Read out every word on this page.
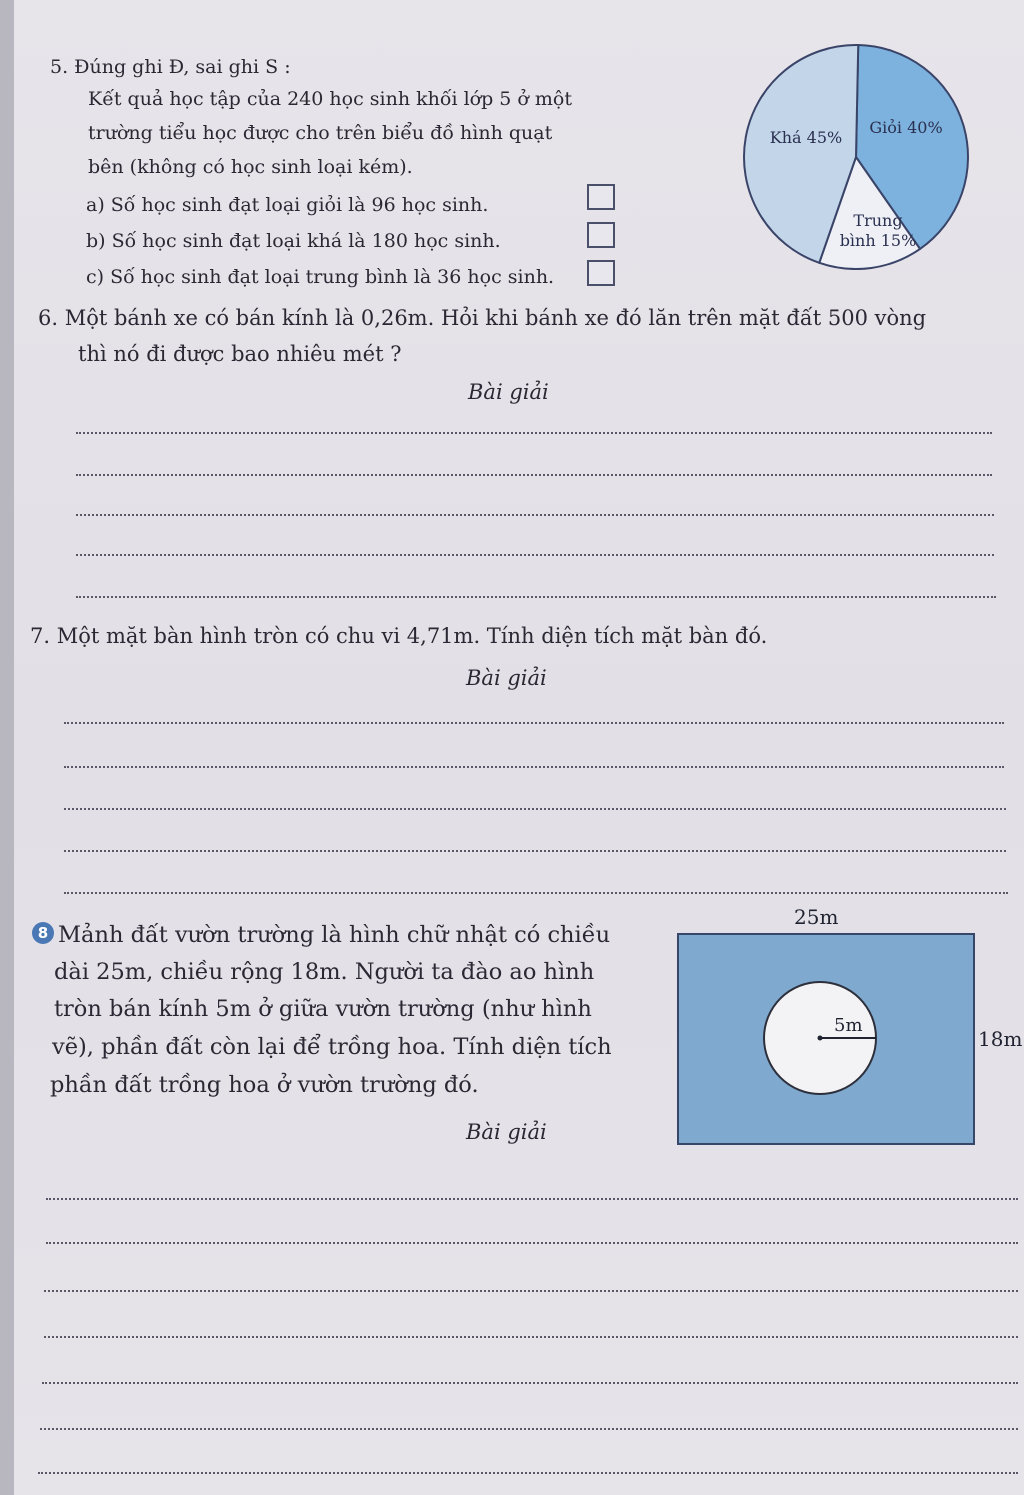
5. Đúng ghi Đ, sai ghi S :
Kết quả học tập của 240 học sinh khối lớp 5 ở một
trường tiểu học được cho trên biểu đồ hình quạt
bên (không có học sinh loại kém).
a) Số học sinh đạt loại giỏi là 96 học sinh.
b) Số học sinh đạt loại khá là 180 học sinh.
c) Số học sinh đạt loại trung bình là 36 học sinh.
Giỏi 40%
Trung
bình 15%
Khá 45%
6. Một bánh xe có bán kính là 0,26m. Hỏi khi bánh xe đó lăn trên mặt đất 500 vòng
thì nó đi được bao nhiêu mét ?
Bài giải
7. Một mặt bàn hình tròn có chu vi 4,71m. Tính diện tích mặt bàn đó.
Bài giải
8 Mảnh đất vườn trường là hình chữ nhật có chiều
dài 25m, chiều rộng 18m. Người ta đào ao hình
tròn bán kính 5m ở giữa vườn trường (như hình
vẽ), phần đất còn lại để trồng hoa. Tính diện tích
phần đất trồng hoa ở vườn trường đó.
Bài giải
25m
5m
18m
